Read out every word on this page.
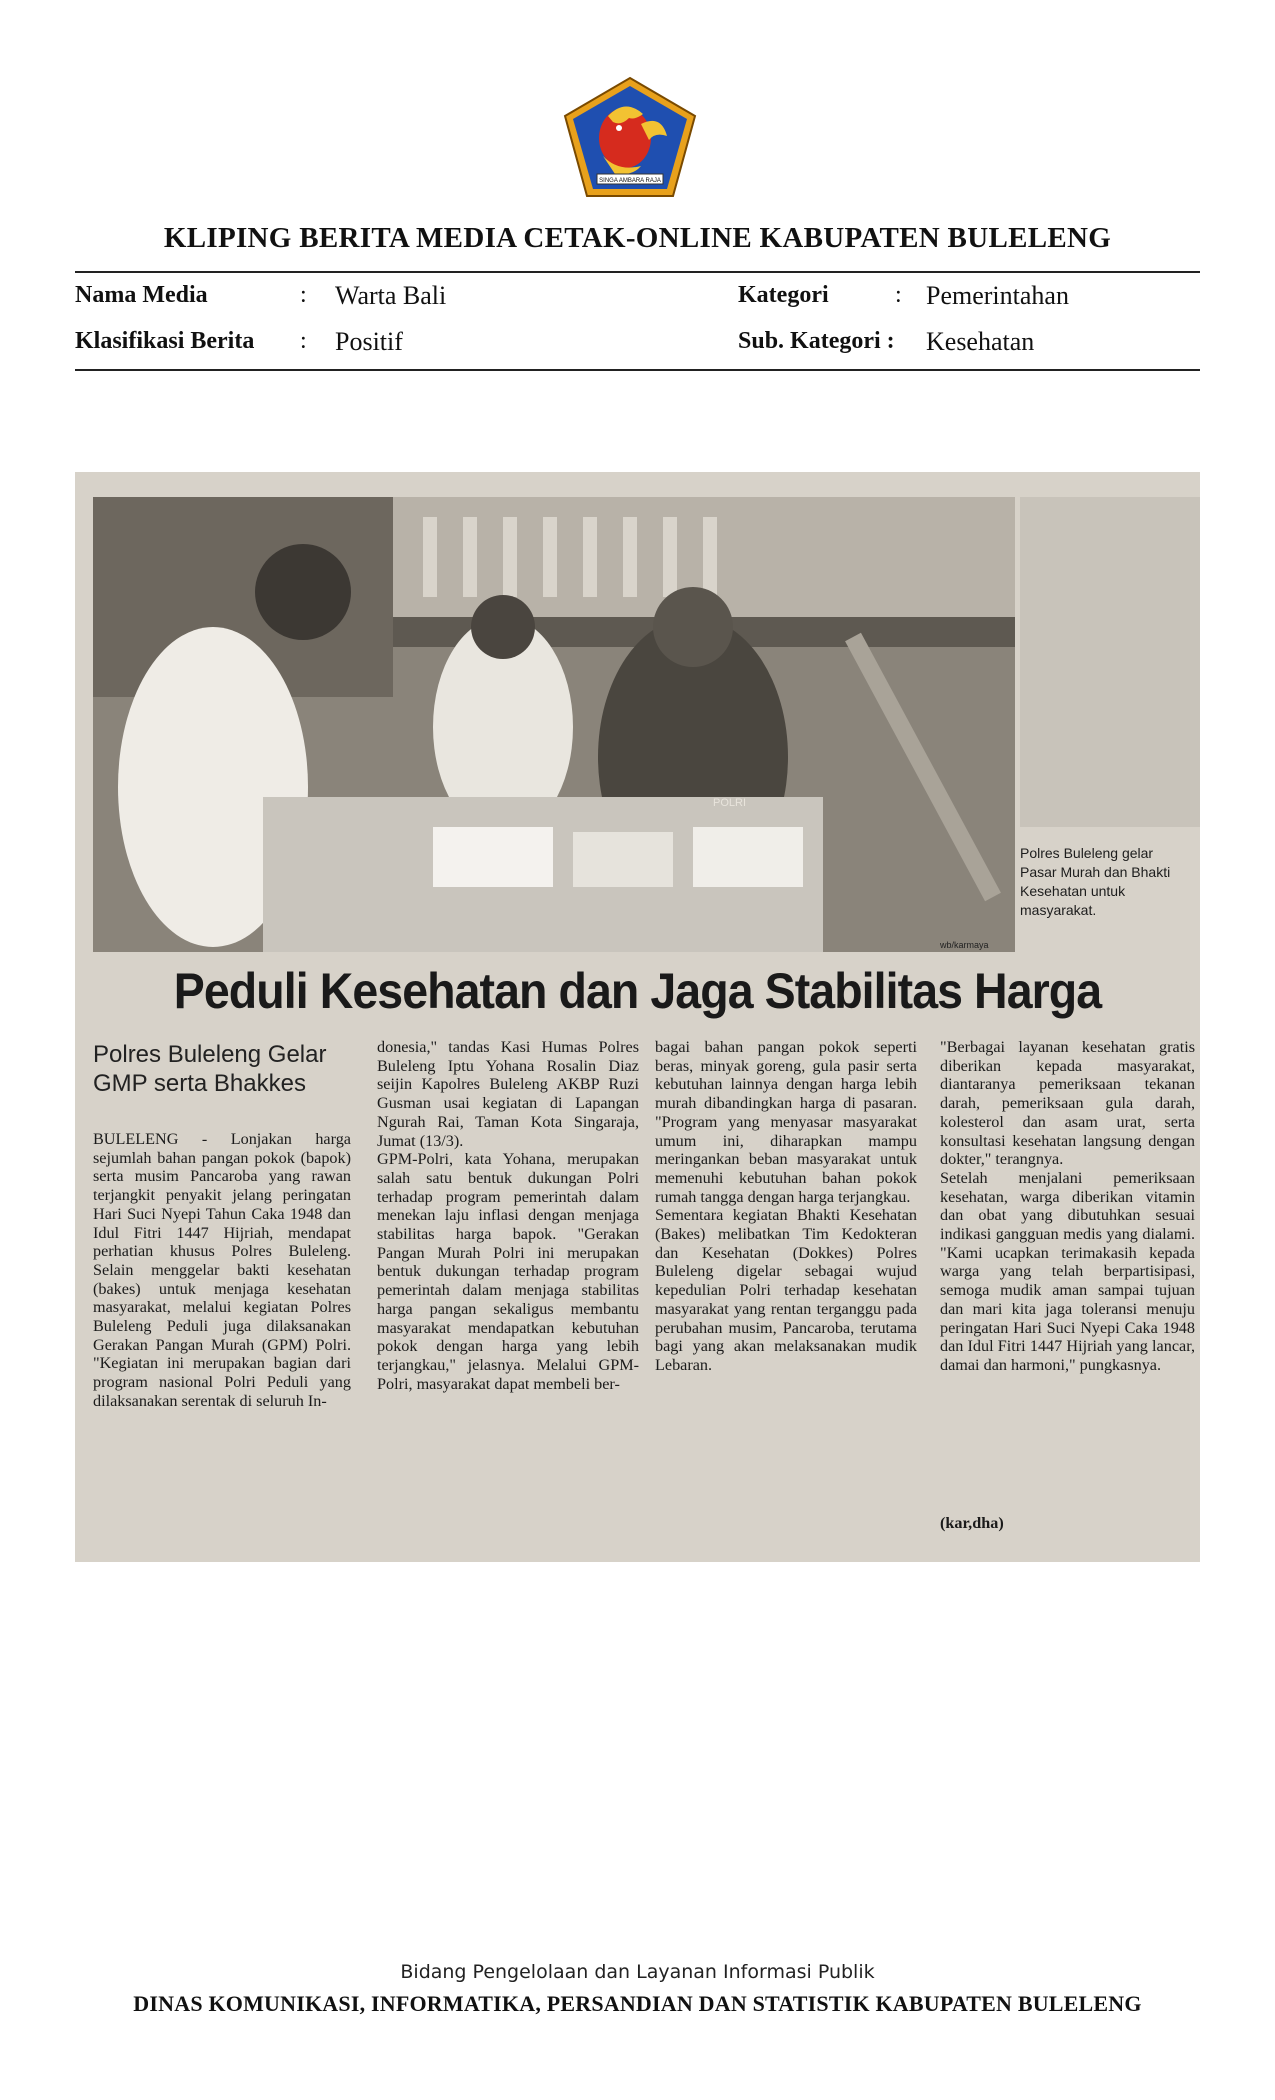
SINGA AMBARA RAJA
KLIPING BERITA MEDIA CETAK-ONLINE KABUPATEN BULELENG
Nama Media	: Warta Bali	Kategori	: Pemerintahan
Klasifikasi Berita : Positif	Sub. Kategori : Kesehatan
POLRI
wb/karmaya
Polres Buleleng gelar Pasar Murah dan Bhakti Kesehatan untuk masyarakat.
Peduli Kesehatan dan Jaga Stabilitas Harga
Polres Buleleng Gelar GMP serta Bhakkes
BULELENG - Lonjakan harga sejumlah bahan pangan pokok (bapok) serta musim Pancaroba yang rawan terjangkit penyakit jelang peringatan Hari Suci Nyepi Tahun Caka 1948 dan Idul Fitri 1447 Hijriah, mendapat perhatian khusus Polres Buleleng. Selain menggelar bakti kesehatan (bakes) untuk menjaga kesehatan masyarakat, melalui kegiatan Polres Buleleng Peduli juga dilaksanakan Gerakan Pangan Murah (GPM) Polri. "Kegiatan ini merupakan bagian dari program nasional Polri Peduli yang dilaksanakan serentak di seluruh In-
donesia," tandas Kasi Humas Polres Buleleng Iptu Yohana Rosalin Diaz seijin Kapolres Buleleng AKBP Ruzi Gusman usai kegiatan di Lapangan Ngurah Rai, Taman Kota Singaraja, Jumat (13/3).
GPM-Polri, kata Yohana, merupakan salah satu bentuk dukungan Polri terhadap program pemerintah dalam menekan laju inflasi dengan menjaga stabilitas harga bapok. "Gerakan Pangan Murah Polri ini merupakan bentuk dukungan terhadap program pemerintah dalam menjaga stabilitas harga pangan sekaligus membantu masyarakat mendapatkan kebutuhan pokok dengan harga yang lebih terjangkau," jelasnya. Melalui GPM-Polri, masyarakat dapat membeli ber-
bagai bahan pangan pokok seperti beras, minyak goreng, gula pasir serta kebutuhan lainnya dengan harga lebih murah dibandingkan harga di pasaran. "Program yang menyasar masyarakat umum ini, diharapkan mampu meringankan beban masyarakat untuk memenuhi kebutuhan bahan pokok rumah tangga dengan harga terjangkau.
Sementara kegiatan Bhakti Kesehatan (Bakes) melibatkan Tim Kedokteran dan Kesehatan (Dokkes) Polres Buleleng digelar sebagai wujud kepedulian Polri terhadap kesehatan masyarakat yang rentan terganggu pada perubahan musim, Pancaroba, terutama bagi yang akan melaksanakan mudik Lebaran.
"Berbagai layanan kesehatan gratis diberikan kepada masyarakat, diantaranya pemeriksaan tekanan darah, pemeriksaan gula darah, kolesterol dan asam urat, serta konsultasi kesehatan langsung dengan dokter," terangnya.
Setelah menjalani pemeriksaan kesehatan, warga diberikan vitamin dan obat yang dibutuhkan sesuai indikasi gangguan medis yang dialami. "Kami ucapkan terimakasih kepada warga yang telah berpartisipasi, semoga mudik aman sampai tujuan dan mari kita jaga toleransi menuju peringatan Hari Suci Nyepi Caka 1948 dan Idul Fitri 1447 Hijriah yang lancar, damai dan harmoni," pungkasnya.
(kar,dha)
Bidang Pengelolaan dan Layanan Informasi Publik
DINAS KOMUNIKASI, INFORMATIKA, PERSANDIAN DAN STATISTIK KABUPATEN BULELENG
